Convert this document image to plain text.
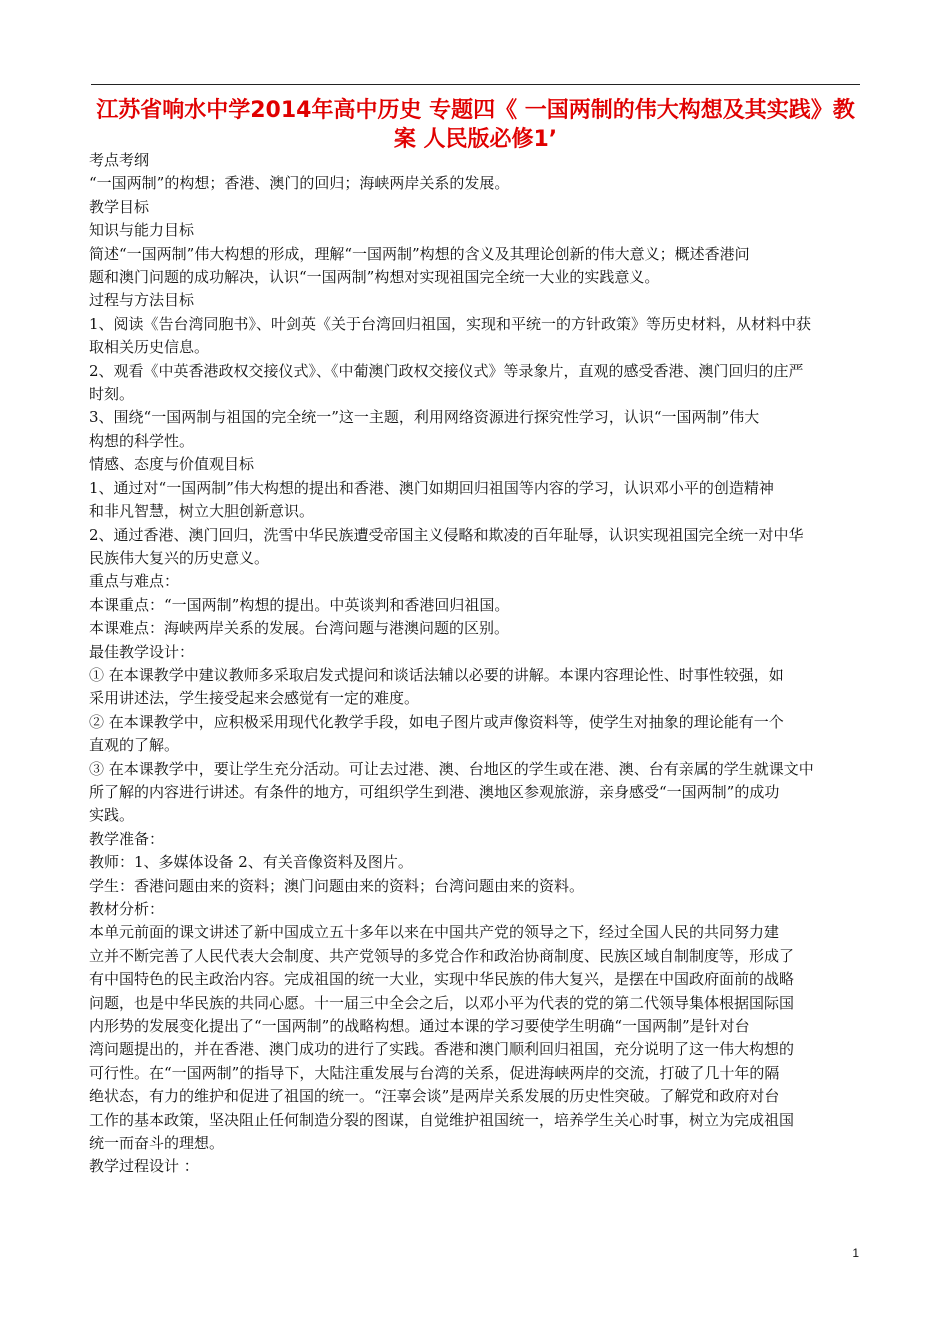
江苏省响水中学2014年高中历史 专题四《 一国两制的伟大构想及其实践》教案 人民版必修1’

考点考纲

“一国两制”的构想；香港、澳门的回归；海峡两岸关系的发展。

教学目标

知识与能力目标

简述“一国两制”伟大构想的形成，理解“一国两制”构想的含义及其理论创新的伟大意义；概述香港问

题和澳门问题的成功解决，认识“一国两制”构想对实现祖国完全统一大业的实践意义。

过程与方法目标

1、阅读《告台湾同胞书》、叶剑英《关于台湾回归祖国，实现和平统一的方针政策》等历史材料，从材料中获

取相关历史信息。

2、观看《中英香港政权交接仪式》、《中葡澳门政权交接仪式》等录象片，直观的感受香港、澳门回归的庄严

时刻。

3、围绕“一国两制与祖国的完全统一”这一主题，利用网络资源进行探究性学习，认识“一国两制”伟大

构想的科学性。

情感、态度与价值观目标

1、通过对“一国两制”伟大构想的提出和香港、澳门如期回归祖国等内容的学习，认识邓小平的创造精神

和非凡智慧，树立大胆创新意识。

2、通过香港、澳门回归，洗雪中华民族遭受帝国主义侵略和欺凌的百年耻辱，认识实现祖国完全统一对中华

民族伟大复兴的历史意义。

重点与难点：

本课重点：“一国两制”构想的提出。中英谈判和香港回归祖国。

本课难点：海峡两岸关系的发展。台湾问题与港澳问题的区别。

最佳教学设计：

① 在本课教学中建议教师多采取启发式提问和谈话法辅以必要的讲解。本课内容理论性、时事性较强，如

采用讲述法，学生接受起来会感觉有一定的难度。

② 在本课教学中，应积极采用现代化教学手段，如电子图片或声像资料等，使学生对抽象的理论能有一个

直观的了解。

③ 在本课教学中，要让学生充分活动。可让去过港、澳、台地区的学生或在港、澳、台有亲属的学生就课文中

所了解的内容进行讲述。有条件的地方，可组织学生到港、澳地区参观旅游，亲身感受“一国两制”的成功

实践。

教学准备：

教师：1、多媒体设备 2、有关音像资料及图片。

学生：香港问题由来的资料；澳门问题由来的资料；台湾问题由来的资料。

教材分析：

本单元前面的课文讲述了新中国成立五十多年以来在中国共产党的领导之下，经过全国人民的共同努力建

立并不断完善了人民代表大会制度、共产党领导的多党合作和政治协商制度、民族区域自制制度等，形成了

有中国特色的民主政治内容。完成祖国的统一大业，实现中华民族的伟大复兴，是摆在中国政府面前的战略

问题，也是中华民族的共同心愿。十一届三中全会之后，以邓小平为代表的党的第二代领导集体根据国际国

内形势的发展变化提出了“一国两制”的战略构想。通过本课的学习要使学生明确“一国两制”是针对台

湾问题提出的，并在香港、澳门成功的进行了实践。香港和澳门顺利回归祖国，充分说明了这一伟大构想的

可行性。在“一国两制”的指导下，大陆注重发展与台湾的关系，促进海峡两岸的交流，打破了几十年的隔

绝状态，有力的维护和促进了祖国的统一。“汪辜会谈”是两岸关系发展的历史性突破。了解党和政府对台

工作的基本政策，坚决阻止任何制造分裂的图谋，自觉维护祖国统一，培养学生关心时事，树立为完成祖国

统一而奋斗的理想。

教学过程设计 ：

1
